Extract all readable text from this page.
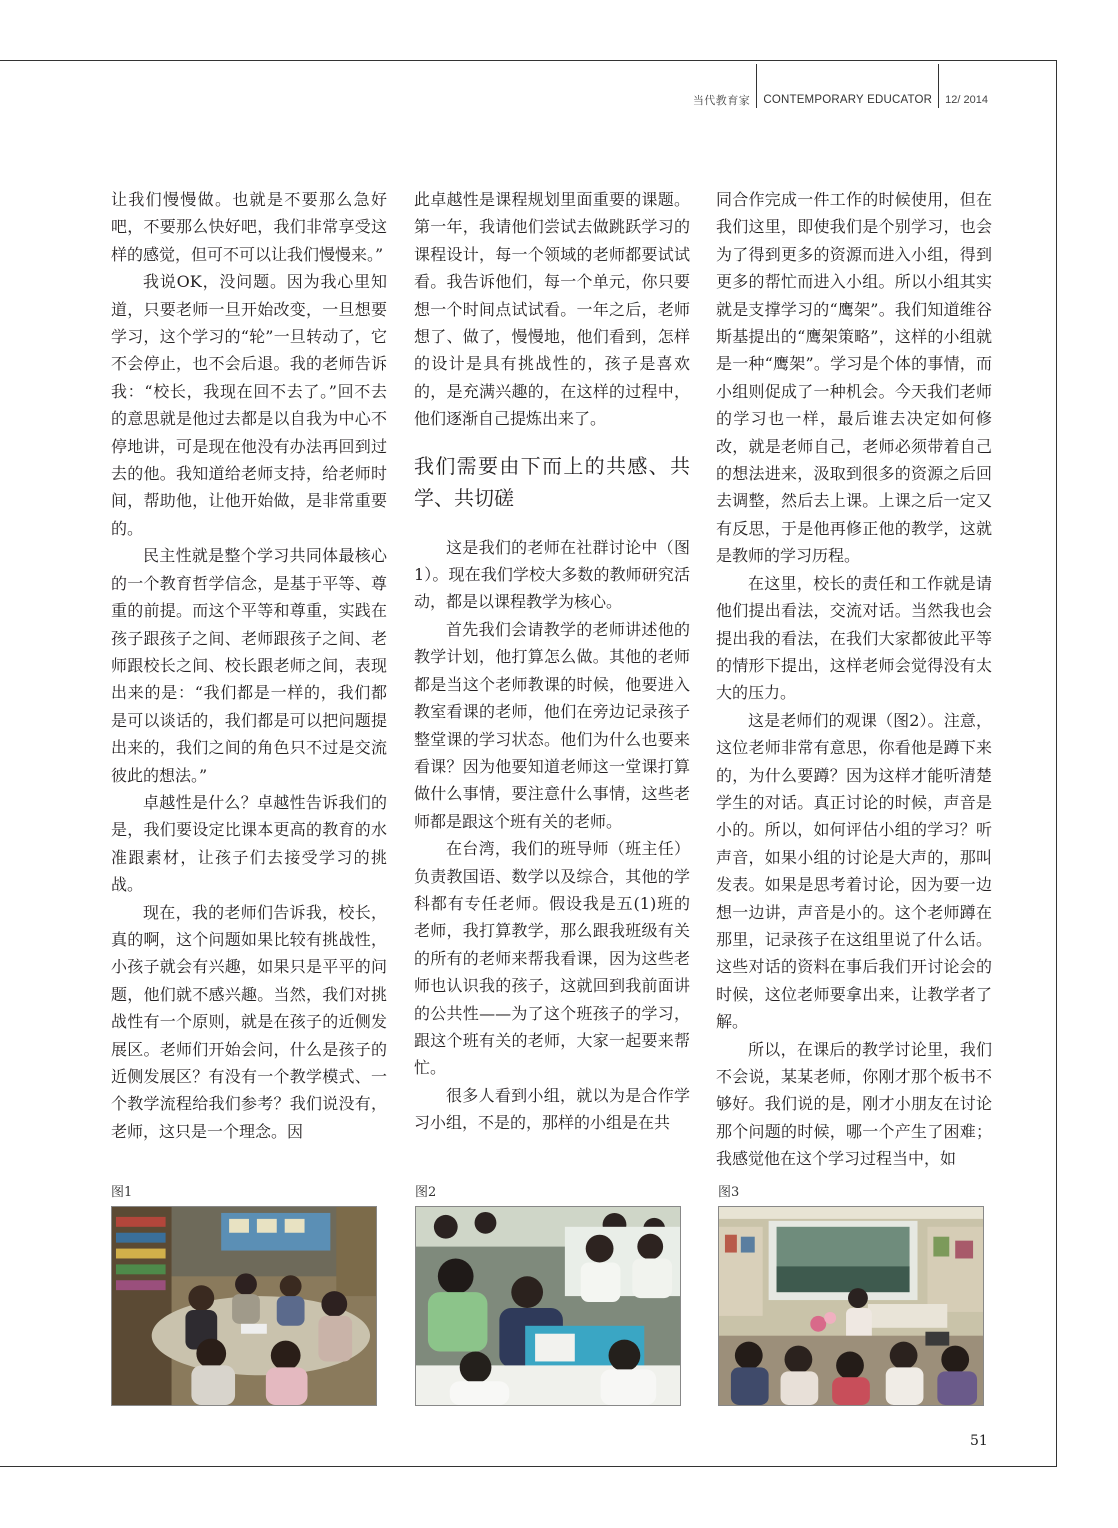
当代教育家 CONTEMPORARY EDUCATOR 12/ 2014

让我们慢慢做。也就是不要那么急好吧，不要那么快好吧，我们非常享受这样的感觉，但可不可以让我们慢慢来。”

我说OK，没问题。因为我心里知道，只要老师一旦开始改变，一旦想要学习，这个学习的“轮”一旦转动了，它不会停止，也不会后退。我的老师告诉我：“校长，我现在回不去了。”回不去的意思就是他过去都是以自我为中心不停地讲，可是现在他没有办法再回到过去的他。我知道给老师支持，给老师时间，帮助他，让他开始做，是非常重要的。

民主性就是整个学习共同体最核心的一个教育哲学信念，是基于平等、尊重的前提。而这个平等和尊重，实践在孩子跟孩子之间、老师跟孩子之间、老师跟校长之间、校长跟老师之间，表现出来的是：“我们都是一样的，我们都是可以谈话的，我们都是可以把问题提出来的，我们之间的角色只不过是交流彼此的想法。”

卓越性是什么？卓越性告诉我们的是，我们要设定比课本更高的教育的水准跟素材，让孩子们去接受学习的挑战。

现在，我的老师们告诉我，校长，真的啊，这个问题如果比较有挑战性，小孩子就会有兴趣，如果只是平平的问题，他们就不感兴趣。当然，我们对挑战性有一个原则，就是在孩子的近侧发展区。老师们开始会问，什么是孩子的近侧发展区？有没有一个教学模式、一个教学流程给我们参考？我们说没有，老师，这只是一个理念。因

此卓越性是课程规划里面重要的课题。第一年，我请他们尝试去做跳跃学习的课程设计，每一个领域的老师都要试试看。我告诉他们，每一个单元，你只要想一个时间点试试看。一年之后，老师想了、做了，慢慢地，他们看到，怎样的设计是具有挑战性的，孩子是喜欢的，是充满兴趣的，在这样的过程中，他们逐渐自己提炼出来了。

我们需要由下而上的共感、共学、共切磋

这是我们的老师在社群讨论中（图1）。现在我们学校大多数的教师研究活动，都是以课程教学为核心。

首先我们会请教学的老师讲述他的教学计划，他打算怎么做。其他的老师都是当这个老师教课的时候，他要进入教室看课的老师，他们在旁边记录孩子整堂课的学习状态。他们为什么也要来看课？因为他要知道老师这一堂课打算做什么事情，要注意什么事情，这些老师都是跟这个班有关的老师。

在台湾，我们的班导师（班主任）负责教国语、数学以及综合，其他的学科都有专任老师。假设我是五(1)班的老师，我打算教学，那么跟我班级有关的所有的老师来帮我看课，因为这些老师也认识我的孩子，这就回到我前面讲的公共性——为了这个班孩子的学习，跟这个班有关的老师，大家一起要来帮忙。

很多人看到小组，就以为是合作学习小组，不是的，那样的小组是在共

同合作完成一件工作的时候使用，但在我们这里，即使我们是个别学习，也会为了得到更多的资源而进入小组，得到更多的帮忙而进入小组。所以小组其实就是支撑学习的“鹰架”。我们知道维谷斯基提出的“鹰架策略”，这样的小组就是一种“鹰架”。学习是个体的事情，而小组则促成了一种机会。今天我们老师的学习也一样，最后谁去决定如何修改，就是老师自己，老师必须带着自己的想法进来，汲取到很多的资源之后回去调整，然后去上课。上课之后一定又有反思，于是他再修正他的教学，这就是教师的学习历程。

在这里，校长的责任和工作就是请他们提出看法，交流对话。当然我也会提出我的看法，在我们大家都彼此平等的情形下提出，这样老师会觉得没有太大的压力。

这是老师们的观课（图2）。注意，这位老师非常有意思，你看他是蹲下来的，为什么要蹲？因为这样才能听清楚学生的对话。真正讨论的时候，声音是小的。所以，如何评估小组的学习？听声音，如果小组的讨论是大声的，那叫发表。如果是思考着讨论，因为要一边想一边讲，声音是小的。这个老师蹲在那里，记录孩子在这组里说了什么话。这些对话的资料在事后我们开讨论会的时候，这位老师要拿出来，让教学者了解。

所以，在课后的教学讨论里，我们不会说，某某老师，你刚才那个板书不够好。我们说的是，刚才小朋友在讨论那个问题的时候，哪一个产生了困难；我感觉他在这个学习过程当中，如

图1	图2	图3
51
